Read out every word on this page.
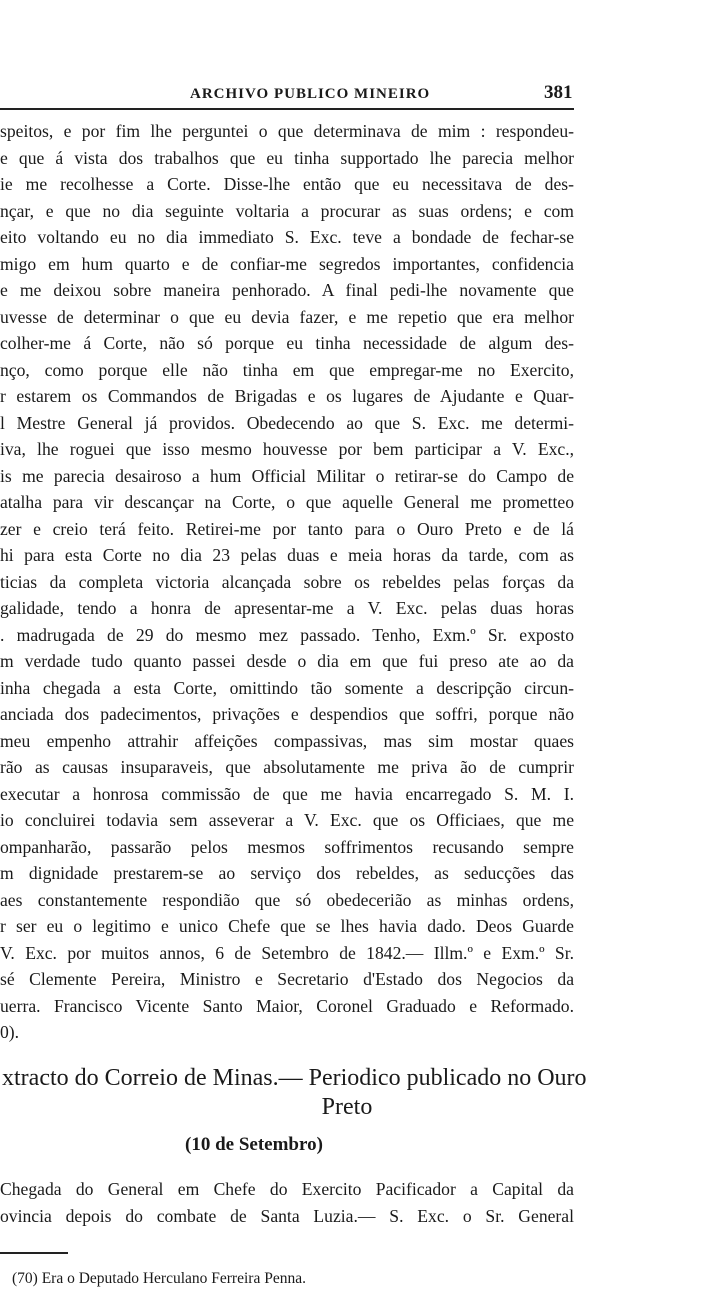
ARCHIVO PUBLICO MINEIRO	381
speitos, e por fim lhe perguntei o que determinava de mim : respondeu-
e que á vista dos trabalhos que eu tinha supportado lhe parecia melhor
ie me recolhesse a Corte. Disse-lhe então que eu necessitava de des-
nçar, e que no dia seguinte voltaria a procurar as suas ordens; e com
eito voltando eu no dia immediato S. Exc. teve a bondade de fechar-se
migo em hum quarto e de confiar-me segredos importantes, confidencia
e me deixou sobre maneira penhorado. A final pedi-lhe novamente que
uvesse de determinar o que eu devia fazer, e me repetio que era melhor
colher-me á Corte, não só porque eu tinha necessidade de algum des-
nço, como porque elle não tinha em que empregar-me no Exercito,
r estarem os Commandos de Brigadas e os lugares de Ajudante e Quar-
l Mestre General já providos. Obedecendo ao que S. Exc. me determi-
iva, lhe roguei que isso mesmo houvesse por bem participar a V. Exc.,
is me parecia desairoso a hum Official Militar o retirar-se do Campo de
atalha para vir descançar na Corte, o que aquelle General me prometteo
zer e creio terá feito. Retirei-me por tanto para o Ouro Preto e de lá
hi para esta Corte no dia 23 pelas duas e meia horas da tarde, com as
ticias da completa victoria alcançada sobre os rebeldes pelas forças da
galidade, tendo a honra de apresentar-me a V. Exc. pelas duas horas
. madrugada de 29 do mesmo mez passado. Tenho, Exm.º Sr. exposto
m verdade tudo quanto passei desde o dia em que fui preso ate ao da
inha chegada a esta Corte, omittindo tão somente a descripção circun-
anciada dos padecimentos, privações e despendios que soffri, porque não
meu empenho attrahir affeições compassivas, mas sim mostar quaes
rão as causas insuparaveis, que absolutamente me priva ão de cumprir
executar a honrosa commissão de que me havia encarregado S. M. I.
io concluirei todavia sem asseverar a V. Exc. que os Officiaes, que me
ompanharão, passarão pelos mesmos soffrimentos recusando sempre
m dignidade prestarem-se ao serviço dos rebeldes, as seducções das
aes constantemente respondião que só obedecerião as minhas ordens,
r ser eu o legitimo e unico Chefe que se lhes havia dado. Deos Guarde
V. Exc. por muitos annos, 6 de Setembro de 1842.— Illm.º e Exm.º Sr.
sé Clemente Pereira, Ministro e Secretario d'Estado dos Negocios da
uerra. Francisco Vicente Santo Maior, Coronel Graduado e Reformado.
0).
xtracto do Correio de Minas.— Periodico publicado no Ouro
Preto
(10 de Setembro)
Chegada do General em Chefe do Exercito Pacificador a Capital da
ovincia depois do combate de Santa Luzia.— S. Exc. o Sr. General
(70) Era o Deputado Herculano Ferreira Penna.
